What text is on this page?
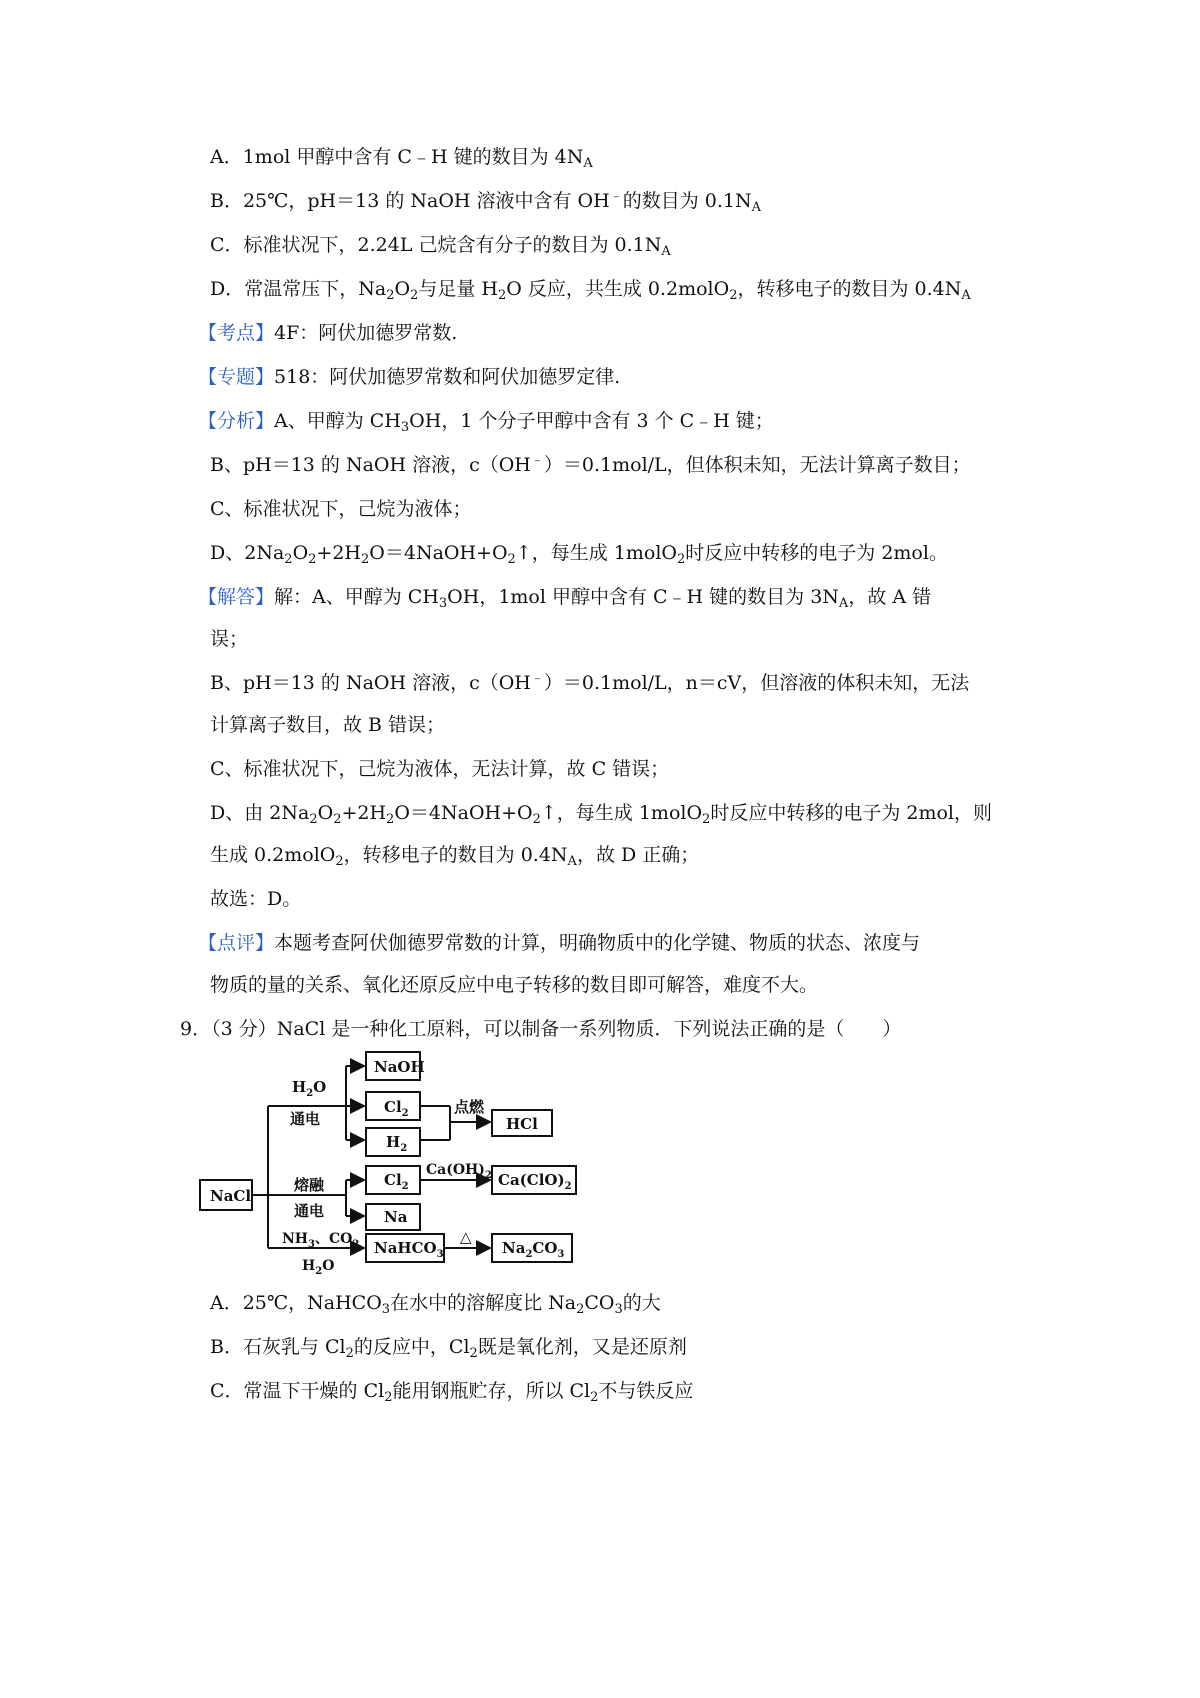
A．1mol 甲醇中含有 C﹣H 键的数目为 $4N_A$
B．25℃，pH＝13 的 NaOH 溶液中含有 OH﹣的数目为 $0.1N_A$
C．标准状况下，2.24L 己烷含有分子的数目为 $0.1N_A$
D．常温常压下，$Na_2O_2$与足量 $H_2O$ 反应，共生成 0.2molO$_2$，转移电子的数目为 $0.4N_A$
【考点】4F：阿伏加德罗常数.
【专题】518：阿伏加德罗常数和阿伏加德罗定律.
【分析】A、甲醇为 $CH_3OH$，1 个分子甲醇中含有 3 个 C﹣H 键；
B、pH＝13 的 NaOH 溶液，c（OH﹣）＝0.1mol/L，但体积未知，无法计算离子数目；
C、标准状况下，己烷为液体；
D、$2Na_2O_2+2H_2O=4NaOH+O_2↑$，每生成 1molO$_2$时反应中转移的电子为 2mol。
【解答】解：A、甲醇为 $CH_3OH$，1mol 甲醇中含有 C﹣H 键的数目为 $3N_A$，故 A 错
误；
B、pH＝13 的 NaOH 溶液，c（OH﹣）＝0.1mol/L，n＝cV，但溶液的体积未知，无法
计算离子数目，故 B 错误；
C、标准状况下，己烷为液体，无法计算，故 C 错误；
D、由 $2Na_2O_2+2H_2O=4NaOH+O_2↑$，每生成 1molO$_2$时反应中转移的电子为 2mol，则
生成 0.2molO$_2$，转移电子的数目为 $0.4N_A$，故 D 正确；
故选：D。
【点评】本题考查阿伏伽德罗常数的计算，明确物质中的化学键、物质的状态、浓度与
物质的量的关系、氧化还原反应中电子转移的数目即可解答，难度不大。
9．（3 分）NaCl 是一种化工原料，可以制备一系列物质．下列说法正确的是（　　）
NaCl
NaOH
$Cl_2$
$H_2$
HCl
$Cl_2$
Na
$Ca(ClO)_2$
NaHCO$_3$	$Na_2CO_3$
$H_2O$
通电
点燃
熔融
通电
$Ca(OH)_2$
$NH_3$、$CO_2$
$H_2O$
△
A．25℃，NaHCO$_3$在水中的溶解度比 $Na_2CO_3$的大
B．石灰乳与 $Cl_2$的反应中，$Cl_2$既是氧化剂，又是还原剂
C．常温下干燥的 $Cl_2$能用钢瓶贮存，所以 $Cl_2$不与铁反应
